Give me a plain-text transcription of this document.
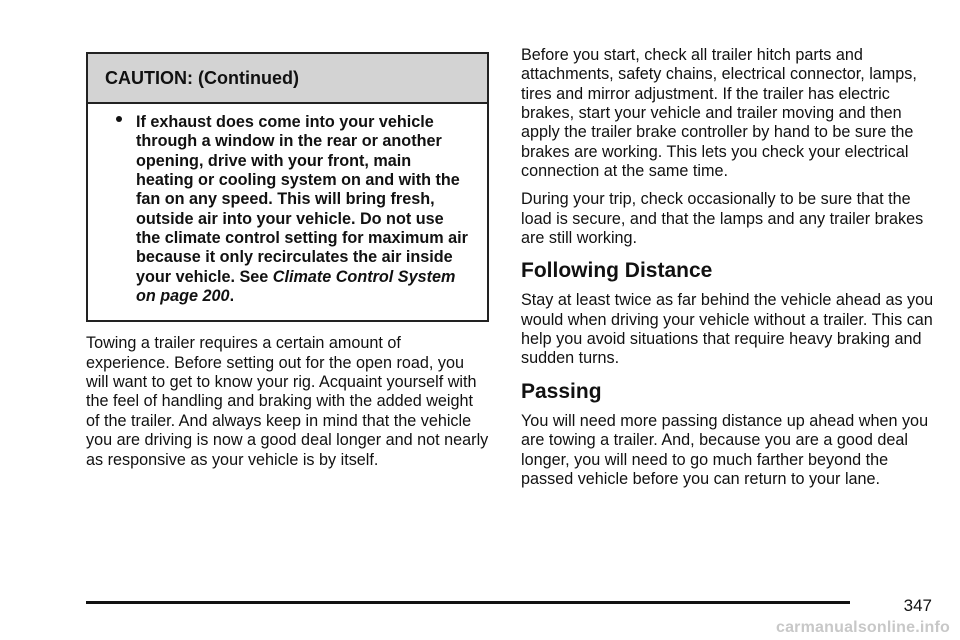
CAUTION: (Continued)

If exhaust does come into your vehicle through a window in the rear or another opening, drive with your front, main heating or cooling system on and with the fan on any speed. This will bring fresh, outside air into your vehicle. Do not use the climate control setting for maximum air because it only recirculates the air inside your vehicle. See Climate Control System on page 200.

Towing a trailer requires a certain amount of experience. Before setting out for the open road, you will want to get to know your rig. Acquaint yourself with the feel of handling and braking with the added weight of the trailer. And always keep in mind that the vehicle you are driving is now a good deal longer and not nearly as responsive as your vehicle is by itself.

Before you start, check all trailer hitch parts and attachments, safety chains, electrical connector, lamps, tires and mirror adjustment. If the trailer has electric brakes, start your vehicle and trailer moving and then apply the trailer brake controller by hand to be sure the brakes are working. This lets you check your electrical connection at the same time.

During your trip, check occasionally to be sure that the load is secure, and that the lamps and any trailer brakes are still working.

Following Distance

Stay at least twice as far behind the vehicle ahead as you would when driving your vehicle without a trailer. This can help you avoid situations that require heavy braking and sudden turns.

Passing

You will need more passing distance up ahead when you are towing a trailer. And, because you are a good deal longer, you will need to go much farther beyond the passed vehicle before you can return to your lane.

347
carmanualsonline.info
